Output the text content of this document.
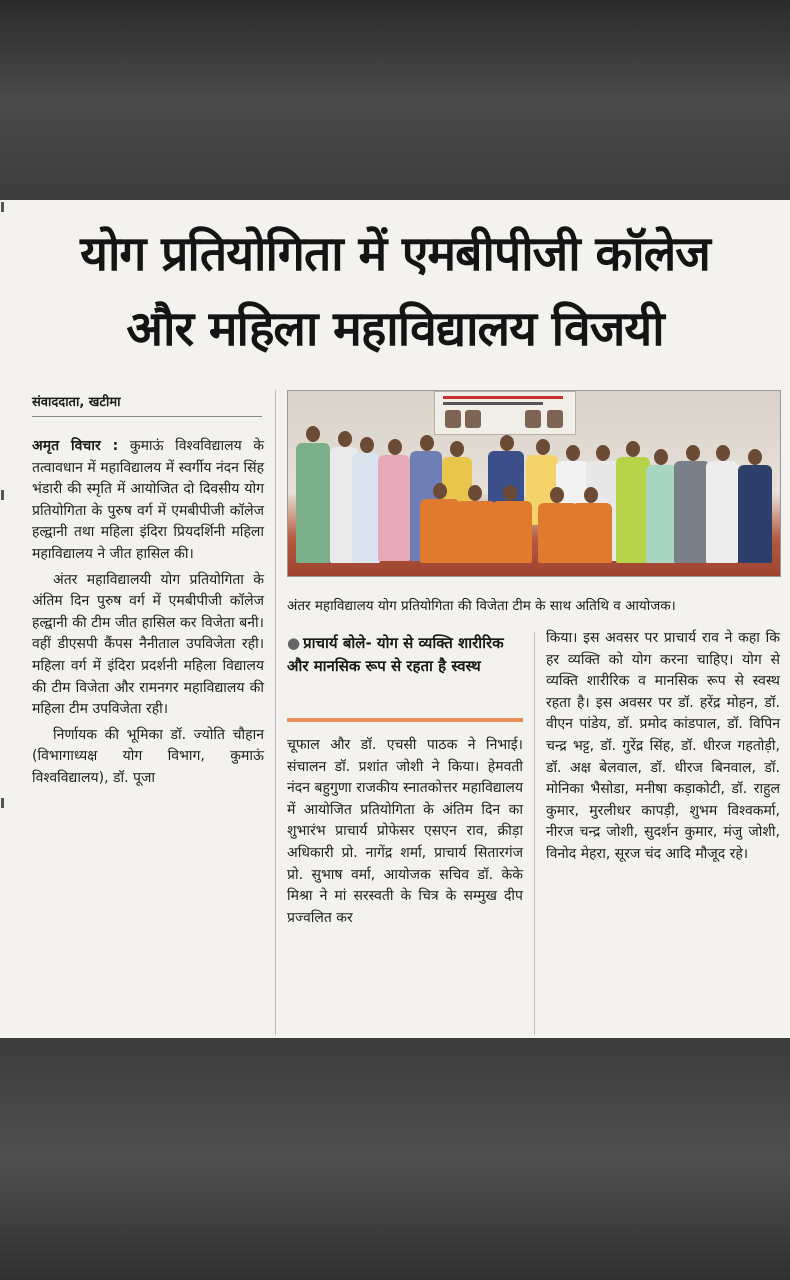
योग प्रतियोगिता में एमबीपीजी कॉलेज
और महिला महाविद्यालय विजयी
संवाददाता, खटीमा

अमृत विचार : कुमाऊं विश्वविद्यालय के तत्वावधान में महाविद्यालय में स्वर्गीय नंदन सिंह भंडारी की स्मृति में आयोजित दो दिवसीय योग प्रतियोगिता के पुरुष वर्ग में एमबीपीजी कॉलेज हल्द्वानी तथा महिला इंदिरा प्रियदर्शिनी महिला महाविद्यालय ने जीत हासिल की।

अंतर महाविद्यालयी योग प्रतियोगिता के अंतिम दिन पुरुष वर्ग में एमबीपीजी कॉलेज हल्द्वानी की टीम जीत हासिल कर विजेता बनी। वहीं डीएसपी कैंपस नैनीताल उपविजेता रही। महिला वर्ग में इंदिरा प्रदर्शनी महिला विद्यालय की टीम विजेता और रामनगर महाविद्यालय की महिला टीम उपविजेता रही।

निर्णायक की भूमिका डॉ. ज्योति चौहान (विभागाध्यक्ष योग विभाग, कुमाऊं विश्वविद्यालय), डॉ. पूजा

अंतर महाविद्यालय योग प्रतियोगिता की विजेता टीम के साथ अतिथि व आयोजक।
● प्राचार्य बोले- योग से व्यक्ति शारीरिक और मानसिक रूप से रहता है स्वस्थ
चूफाल और डॉ. एचसी पाठक ने निभाई। संचालन डॉ. प्रशांत जोशी ने किया। हेमवती नंदन बहुगुणा राजकीय स्नातकोत्तर महाविद्यालय में आयोजित प्रतियोगिता के अंतिम दिन का शुभारंभ प्राचार्य प्रोफेसर एसएन राव, क्रीड़ा अधिकारी प्रो. नागेंद्र शर्मा, प्राचार्य सितारगंज प्रो. सुभाष वर्मा, आयोजक सचिव डॉ. केके मिश्रा ने मां सरस्वती के चित्र के सम्मुख दीप प्रज्वलित कर
किया। इस अवसर पर प्राचार्य राव ने कहा कि हर व्यक्ति को योग करना चाहिए। योग से व्यक्ति शारीरिक व मानसिक रूप से स्वस्थ रहता है। इस अवसर पर डॉ. हरेंद्र मोहन, डॉ. वीएन पांडेय, डॉ. प्रमोद कांडपाल, डॉ. विपिन चन्द्र भट्ट, डॉ. गुरेंद्र सिंह, डॉ. धीरज गहतोड़ी, डॉ. अक्ष बेलवाल, डॉ. धीरज बिनवाल, डॉ. मोनिका भैसोडा, मनीषा कड़ाकोटी, डॉ. राहुल कुमार, मुरलीधर कापड़ी, शुभम विश्वकर्मा, नीरज चन्द्र जोशी, सुदर्शन कुमार, मंजु जोशी, विनोद मेहरा, सूरज चंद आदि मौजूद रहे।
